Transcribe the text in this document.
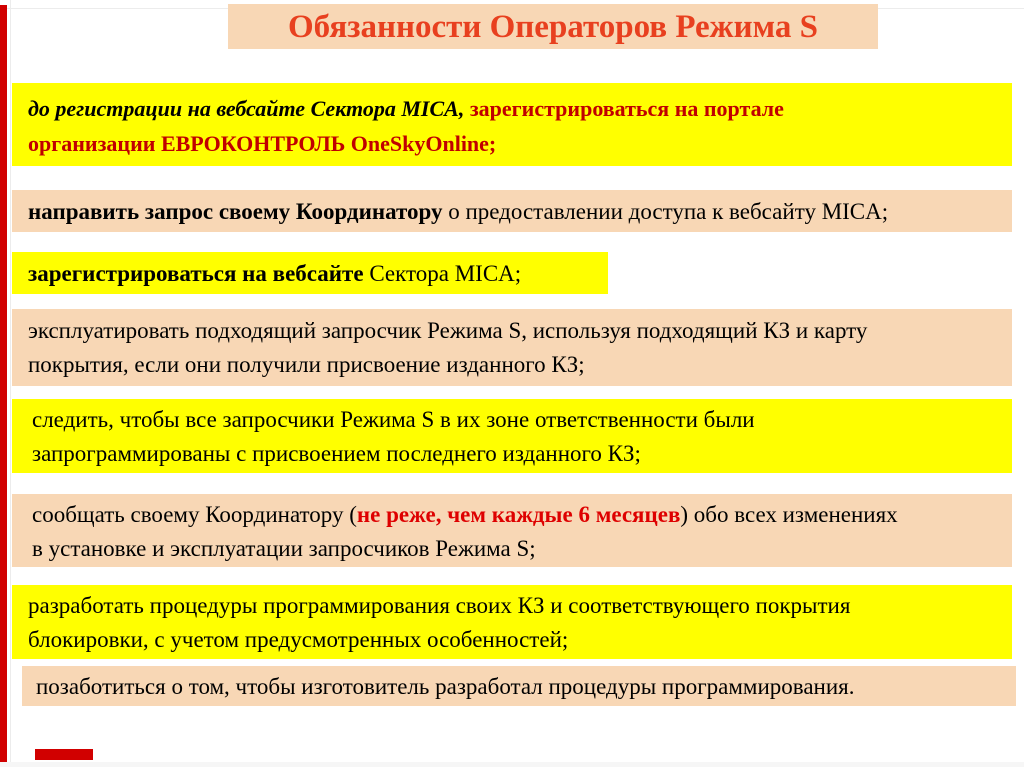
Обязанности Операторов Режима S
до регистрации на вебсайте Сектора MICA, зарегистрироваться на портале
организации ЕВРОКОНТРОЛЬ OneSkyOnline;
направить запрос своему Координатору о предоставлении доступа к вебсайту MICA;
зарегистрироваться на вебсайте Сектора MICA;
эксплуатировать подходящий запросчик Режима S, используя подходящий КЗ и карту
покрытия, если они получили присвоение изданного КЗ;
следить, чтобы все запросчики Режима S в их зоне ответственности были
запрограммированы с присвоением последнего изданного КЗ;
сообщать своему Координатору (не реже, чем каждые 6 месяцев) обо всех изменениях
в установке и эксплуатации запросчиков Режима S;
разработать процедуры программирования своих КЗ и соответствующего покрытия
блокировки, с учетом предусмотренных особенностей;
позаботиться о том, чтобы изготовитель разработал процедуры программирования.
